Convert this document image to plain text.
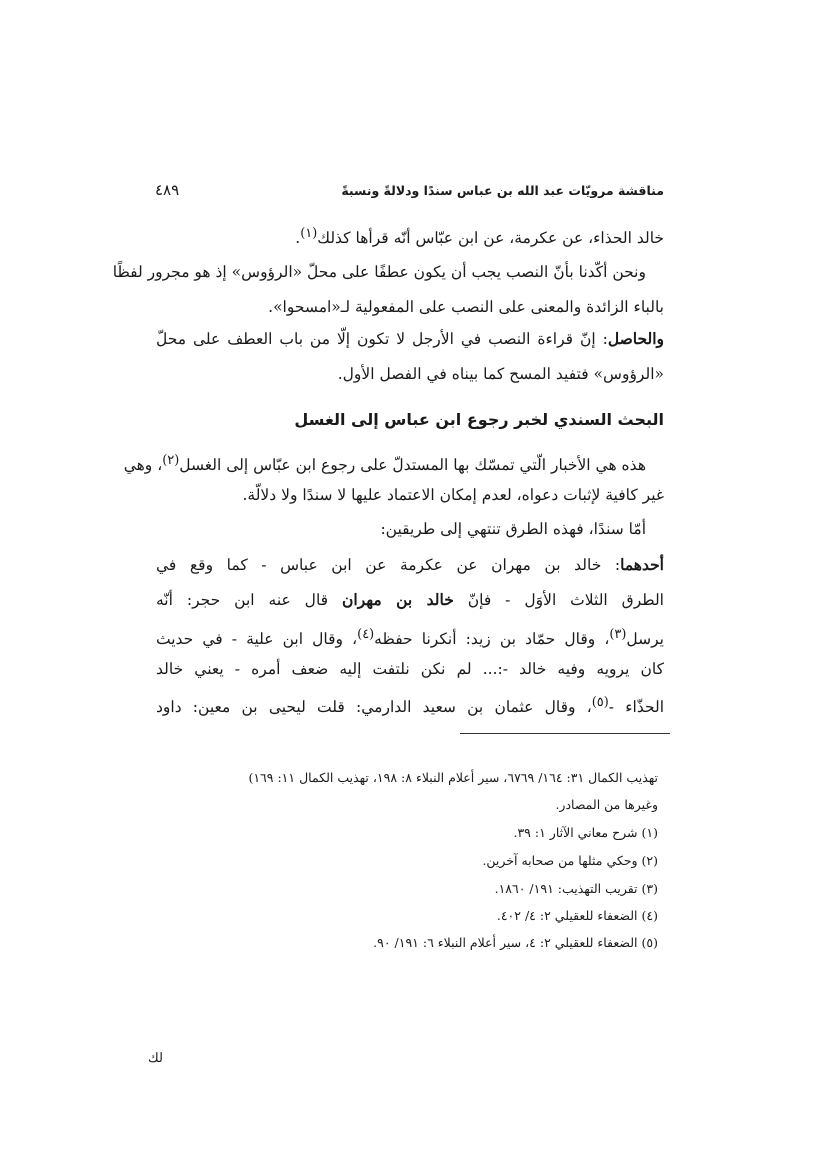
مناقشة مرويّات عبد الله بن عباس سندًا ودلالةً ونسبةً
٤٨٩
خالد الحذاء، عن عكرمة، عن ابن عبّاس أنّه قرأها كذلك$^{(١)}$.
ونحن أكّدنا بأنّ النصب يجب أن يكون عطفًا على محلّ «الرؤوس» إذ هو مجرور لفظًا
بالباء الزائدة والمعنى على النصب على المفعولية لـ«امسحوا».
والحاصل: إنّ قراءة النصب في الأرجل لا تكون إلّا من باب العطف على محلّ
«الرؤوس» فتفيد المسح كما بيناه في الفصل الأول.
البحث السندي لخبر رجوع ابن عباس إلى الغسل
هذه هي الأخبار الّتي تمسّك بها المستدلّ على رجوع ابن عبّاس إلى الغسل$^{(٢)}$، وهي
غير كافية لإثبات دعواه، لعدم إمكان الاعتماد عليها لا سندًا ولا دلالّة.
أمّا سندًا، فهذه الطرق تنتهي إلى طريقين:
أحدهما: خالد بن مهران عن عكرمة عن ابن عباس - كما وقع في
الطرق الثلاث الأوَل - فإنّ خالد بن مهران قال عنه ابن حجر: أنّه
يرسل$^{(٣)}$، وقال حمّاد بن زيد: أنكرنا حفظه$^{(٤)}$، وقال ابن علية - في حديث
كان يرويه وفيه خالد -:... لم نكن نلتفت إليه ضعف أمره - يعني خالد
الحذّاء -$^{(٥)}$، وقال عثمان بن سعيد الدارمي: قلت ليحيى بن معين: داود
تهذيب الكمال ٣١: ١٦٤/ ٦٧٦٩، سير أعلام النبلاء ٨: ١٩٨، تهذيب الكمال ١١: ١٦٩)
وغيرها من المصادر.
(١) شرح معاني الآثار ١: ٣٩.
(٢) وحكي مثلها من صحابه آخرين.
(٣) تقريب التهذيب: ١٩١/ ١٨٦٠.
(٤) الضعفاء للعقيلي ٢: ٤/ ٤٠٢.
(٥) الضعفاء للعقيلي ٢: ٤، سير أعلام النبلاء ٦: ١٩١/ ٩٠.
لك
